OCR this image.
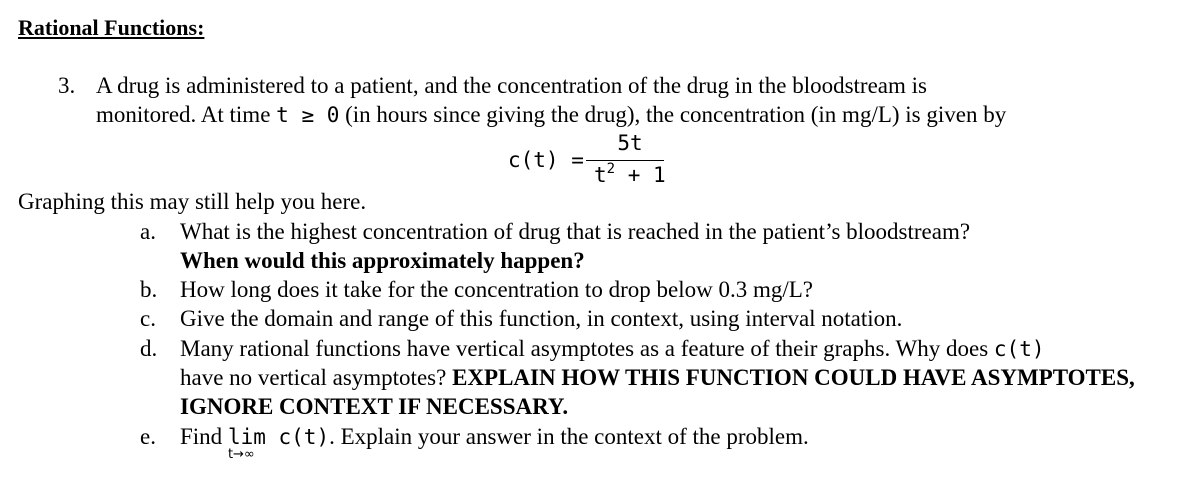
Rational Functions:
3. A drug is administered to a patient, and the concentration of the drug in the bloodstream is
monitored. At time t ≥ 0 (in hours since giving the drug), the concentration (in mg/L) is given by
c(t) =
5t
$t^2 + 1$
Graphing this may still help you here.
a. What is the highest concentration of drug that is reached in the patient’s bloodstream?
When would this approximately happen?
b. How long does it take for the concentration to drop below 0.3 mg/L?
c. Give the domain and range of this function, in context, using interval notation.
d. Many rational functions have vertical asymptotes as a feature of their graphs. Why does c(t)
have no vertical asymptotes? EXPLAIN HOW THIS FUNCTION COULD HAVE ASYMPTOTES,
IGNORE CONTEXT IF NECESSARY.
e. Find lim
t→∞
c(t). Explain your answer in the context of the problem.
